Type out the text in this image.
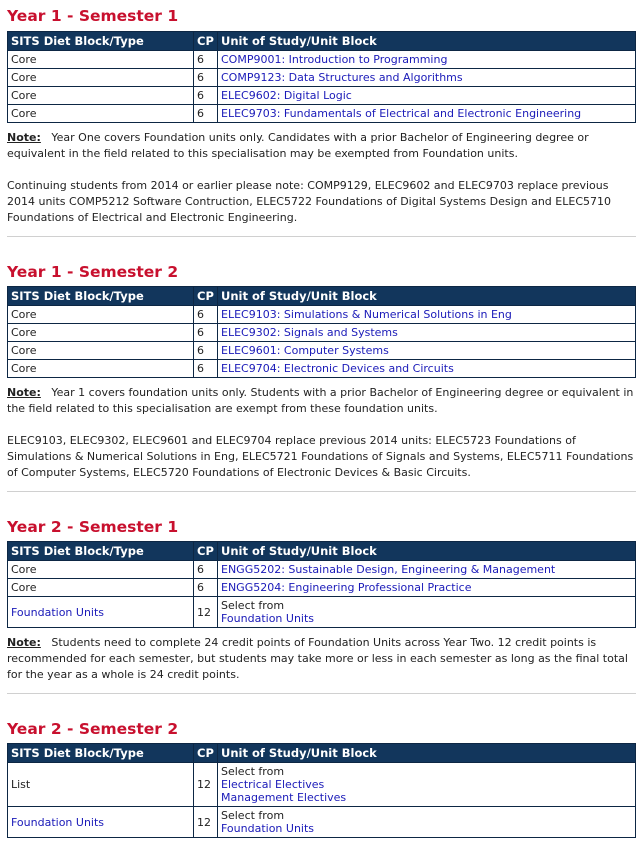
Year 1 - Semester 1
SITS Diet Block/Type	CP	Unit of Study/Unit Block
Core	6	COMP9001: Introduction to Programming
Core	6	COMP9123: Data Structures and Algorithms
Core	6	ELEC9602: Digital Logic
Core	6	ELEC9703: Fundamentals of Electrical and Electronic Engineering

Note: Year One covers Foundation units only. Candidates with a prior Bachelor of Engineering degree or equivalent in the field related to this specialisation may be exempted from Foundation units.

Continuing students from 2014 or earlier please note: COMP9129, ELEC9602 and ELEC9703 replace previous 2014 units COMP5212 Software Contruction, ELEC5722 Foundations of Digital Systems Design and ELEC5710 Foundations of Electrical and Electronic Engineering.

Year 1 - Semester 2
SITS Diet Block/Type	CP	Unit of Study/Unit Block
Core	6	ELEC9103: Simulations & Numerical Solutions in Eng
Core	6	ELEC9302: Signals and Systems
Core	6	ELEC9601: Computer Systems
Core	6	ELEC9704: Electronic Devices and Circuits

Note: Year 1 covers foundation units only. Students with a prior Bachelor of Engineering degree or equivalent in the field related to this specialisation are exempt from these foundation units.

ELEC9103, ELEC9302, ELEC9601 and ELEC9704 replace previous 2014 units: ELEC5723 Foundations of Simulations & Numerical Solutions in Eng, ELEC5721 Foundations of Signals and Systems, ELEC5711 Foundations of Computer Systems, ELEC5720 Foundations of Electronic Devices & Basic Circuits.

Year 2 - Semester 1
SITS Diet Block/Type	CP	Unit of Study/Unit Block
Core	6	ENGG5202: Sustainable Design, Engineering & Management
Core	6	ENGG5204: Engineering Professional Practice
Foundation Units	12	Select from
Foundation Units

Note: Students need to complete 24 credit points of Foundation Units across Year Two. 12 credit points is recommended for each semester, but students may take more or less in each semester as long as the final total for the year as a whole is 24 credit points.

Year 2 - Semester 2
SITS Diet Block/Type	CP	Unit of Study/Unit Block
List	12	Select from
Electrical Electives
Management Electives

Foundation Units	12	Select from
Foundation Units
